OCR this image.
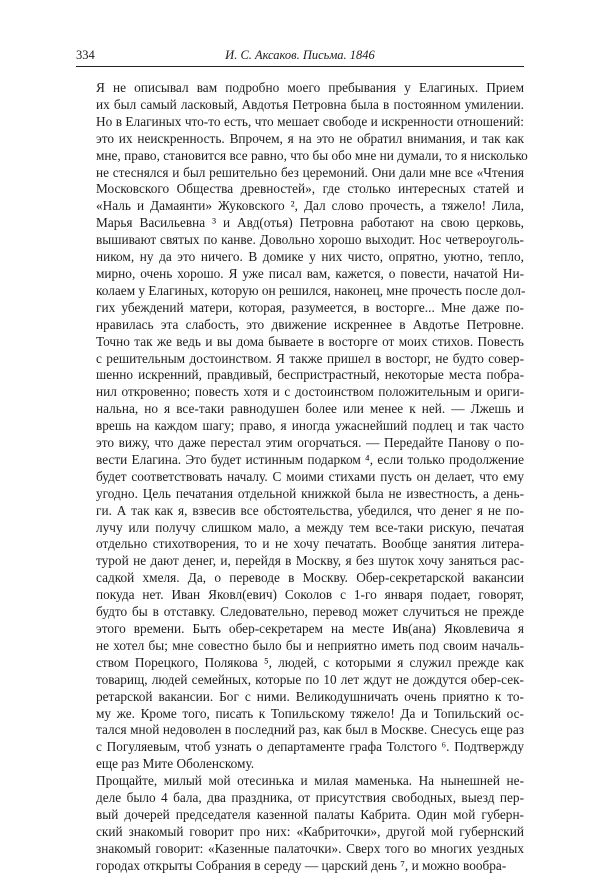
334	И. С. Аксаков. Письма. 1846

Я не описывал вам подробно моего пребывания у Елагиных. Прием
их был самый ласковый, Авдотья Петровна была в постоянном умилении.
Но в Елагиных что-то есть, что мешает свободе и искренности отношений:
это их неискренность. Впрочем, я на это не обратил внимания, и так как
мне, право, становится все равно, что бы обо мне ни думали, то я нисколько
не стеснялся и был решительно без церемоний. Они дали мне все «Чтения
Московского Общества древностей», где столько интересных статей и
«Наль и Дамаянти» Жуковского ², Дал слово прочесть, а тяжело! Лила,
Марья Васильевна ³ и Авд(отья) Петровна работают на свою церковь,
вышивают святых по канве. Довольно хорошо выходит. Нос четвероуголь-
ником, ну да это ничего. В домике у них чисто, опрятно, уютно, тепло,
мирно, очень хорошо. Я уже писал вам, кажется, о повести, начатой Ни-
колаем у Елагиных, которую он решился, наконец, мне прочесть после дол-
гих убеждений матери, которая, разумеется, в восторге... Мне даже по-
нравилась эта слабость, это движение искреннее в Авдотье Петровне.
Точно так же ведь и вы дома бываете в восторге от моих стихов. Повесть
с решительным достоинством. Я также пришел в восторг, не будто совер-
шенно искренний, правдивый, беспристрастный, некоторые места побра-
нил откровенно; повесть хотя и с достоинством положительным и ориги-
нальна, но я все-таки равнодушен более или менее к ней. — Лжешь и
врешь на каждом шагу; право, я иногда ужаснейший подлец и так часто
это вижу, что даже перестал этим огорчаться. — Передайте Панову о по-
вести Елагина. Это будет истинным подарком ⁴, если только продолжение
будет соответствовать началу. С моими стихами пусть он делает, что ему
угодно. Цель печатания отдельной книжкой была не известность, а день-
ги. А так как я, взвесив все обстоятельства, убедился, что денег я не по-
лучу или получу слишком мало, а между тем все-таки рискую, печатая
отдельно стихотворения, то и не хочу печатать. Вообще занятия литера-
турой не дают денег, и, перейдя в Москву, я без шуток хочу заняться рас-
садкой хмеля. Да, о переводе в Москву. Обер-секретарской вакансии
покуда нет. Иван Яковл(евич) Соколов с 1-го января подает, говорят,
будто бы в отставку. Следовательно, перевод может случиться не прежде
этого времени. Быть обер-секретарем на месте Ив(ана) Яковлевича я
не хотел бы; мне совестно было бы и неприятно иметь под своим началь-
ством Порецкого, Полякова ⁵, людей, с которыми я служил прежде как
товарищ, людей семейных, которые по 10 лет ждут не дождутся обер-сек-
ретарской вакансии. Бог с ними. Великодушничать очень приятно к то-
му же. Кроме того, писать к Топильскому тяжело! Да и Топильский ос-
тался мной недоволен в последний раз, как был в Москве. Снесусь еще раз
с Погуляевым, чтоб узнать о департаменте графа Толстого ⁶. Подтвержду
еще раз Мите Оболенскому.

Прощайте, милый мой отесинька и милая маменька. На нынешней не-
деле было 4 бала, два праздника, от присутствия свободных, выезд пер-
вый дочерей председателя казенной палаты Кабрита. Один мой губерн-
ский знакомый говорит про них: «Кабриточки», другой мой губернский
знакомый говорит: «Казенные палаточки». Сверх того во многих уездных
городах открыты Собрания в середу — царский день ⁷, и можно вообра-
